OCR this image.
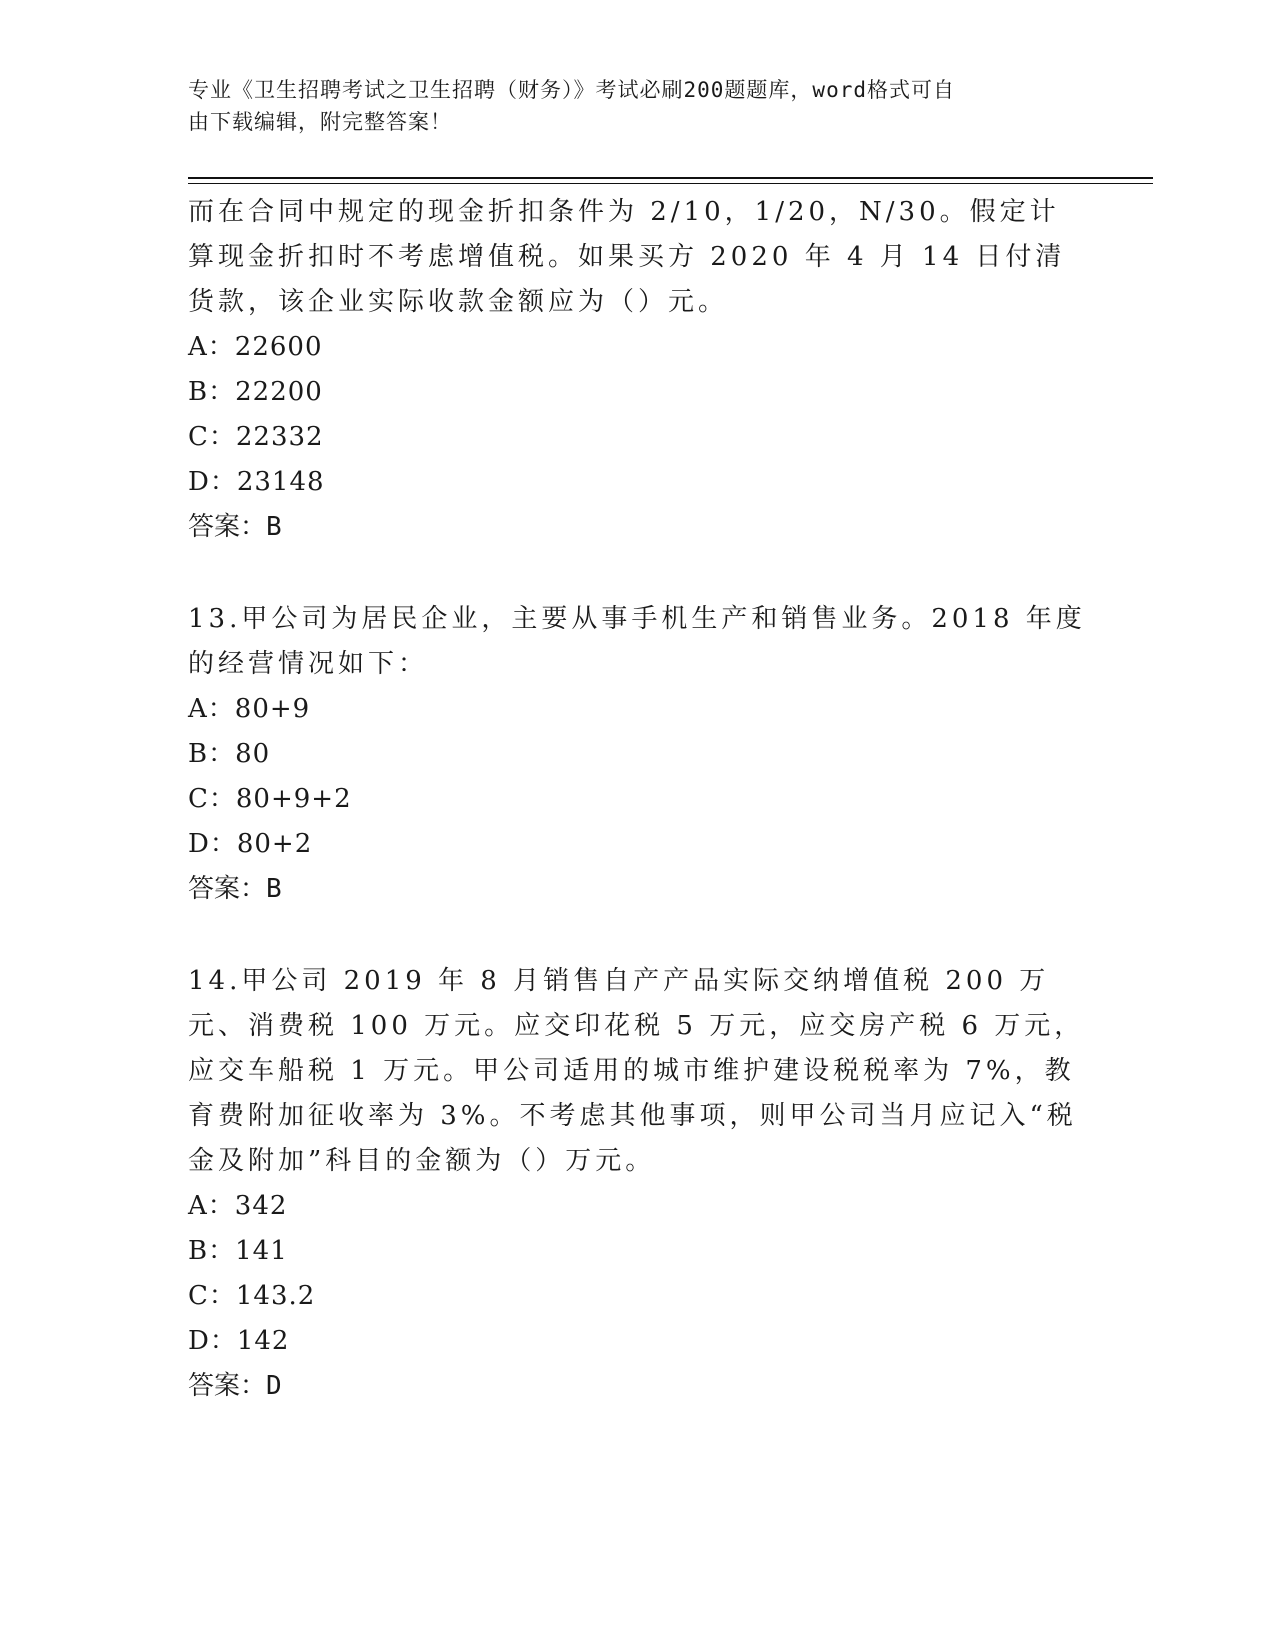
专业《卫生招聘考试之卫生招聘（财务）》考试必刷200题题库，word格式可自
由下载编辑，附完整答案！

而在合同中规定的现金折扣条件为 2/10，1/20，N/30。假定计算现金折扣时不考虑增值税。如果买方 2020 年 4 月 14 日付清货款，该企业实际收款金额应为（）元。

A：22600

B：22200

C：22332

D：23148

答案：B

13.甲公司为居民企业，主要从事手机生产和销售业务。2018 年度的经营情况如下：

A：80+9

B：80

C：80+9+2

D：80+2

答案：B

14.甲公司 2019 年 8 月销售自产产品实际交纳增值税 200 万元、消费税 100 万元。应交印花税 5 万元，应交房产税 6 万元，应交车船税 1 万元。甲公司适用的城市维护建设税税率为 7%，教育费附加征收率为 3%。不考虑其他事项，则甲公司当月应记入“税金及附加”科目的金额为（）万元。

A：342

B：141

C：143.2

D：142

答案：D
